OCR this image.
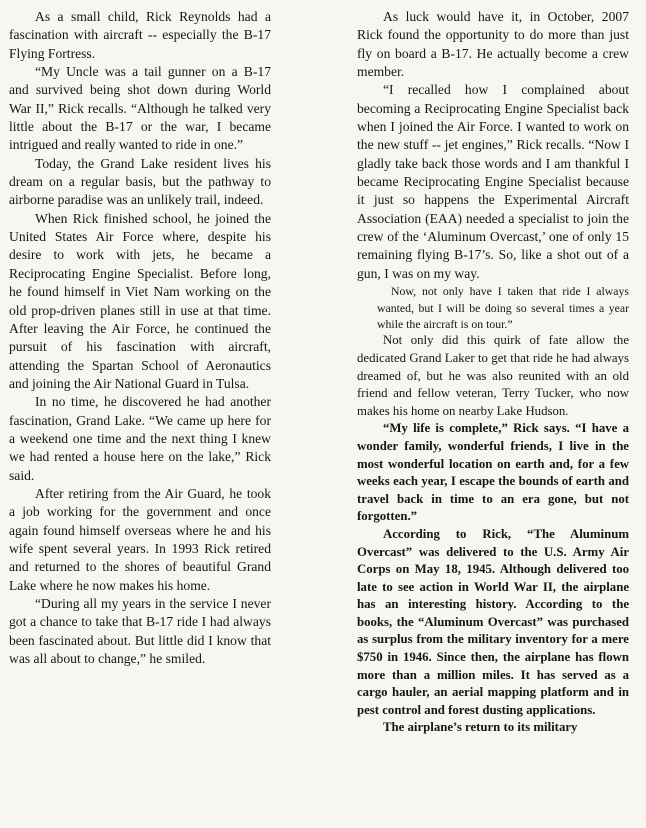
As a small child, Rick Reynolds had a fascination with aircraft -- especially the B-17 Flying Fortress.

“My Uncle was a tail gunner on a B-17 and survived being shot down during World War II,” Rick recalls. “Although he talked very little about the B-17 or the war, I became intrigued and really wanted to ride in one.”

Today, the Grand Lake resident lives his dream on a regular basis, but the pathway to airborne paradise was an unlikely trail, indeed.

When Rick finished school, he joined the United States Air Force where, despite his desire to work with jets, he became a Reciprocating Engine Specialist. Before long, he found himself in Viet Nam working on the old prop-driven planes still in use at that time. After leaving the Air Force, he continued the pursuit of his fascination with aircraft, attending the Spartan School of Aeronautics and joining the Air National Guard in Tulsa.

In no time, he discovered he had another fascination, Grand Lake. “We came up here for a weekend one time and the next thing I knew we had rented a house here on the lake,” Rick said.

After retiring from the Air Guard, he took a job working for the government and once again found himself overseas where he and his wife spent several years. In 1993 Rick retired and returned to the shores of beautiful Grand Lake where he now makes his home.

“During all my years in the service I never got a chance to take that B-17 ride I had always been fascinated about. But little did I know that was all about to change,” he smiled.

As luck would have it, in October, 2007 Rick found the opportunity to do more than just fly on board a B-17. He actually become a crew member.

“I recalled how I complained about becoming a Reciprocating Engine Specialist back when I joined the Air Force. I wanted to work on the new stuff -- jet engines,” Rick recalls. “Now I gladly take back those words and I am thankful I became Reciprocating Engine Specialist because it just so happens the Experimental Aircraft Association (EAA) needed a specialist to join the crew of the ‘Aluminum Overcast,’ one of only 15 remaining flying B-17’s. So, like a shot out of a gun, I was on my way.

Now, not only have I taken that ride I always wanted, but I will be doing so several times a year while the aircraft is on tour.”

Not only did this quirk of fate allow the dedicated Grand Laker to get that ride he had always dreamed of, but he was also reunited with an old friend and fellow veteran, Terry Tucker, who now makes his home on nearby Lake Hudson.

“My life is complete,” Rick says. “I have a wonder family, wonderful friends, I live in the most wonderful location on earth and, for a few weeks each year, I escape the bounds of earth and travel back in time to an era gone, but not forgotten.”

According to Rick, “The Aluminum Overcast” was delivered to the U.S. Army Air Corps on May 18, 1945. Although delivered too late to see action in World War II, the airplane has an interesting history. According to the books, the “Aluminum Overcast” was purchased as surplus from the military inventory for a mere $750 in 1946. Since then, the airplane has flown more than a million miles. It has served as a cargo hauler, an aerial mapping platform and in pest control and forest dusting applications.

The airplane’s return to its military
